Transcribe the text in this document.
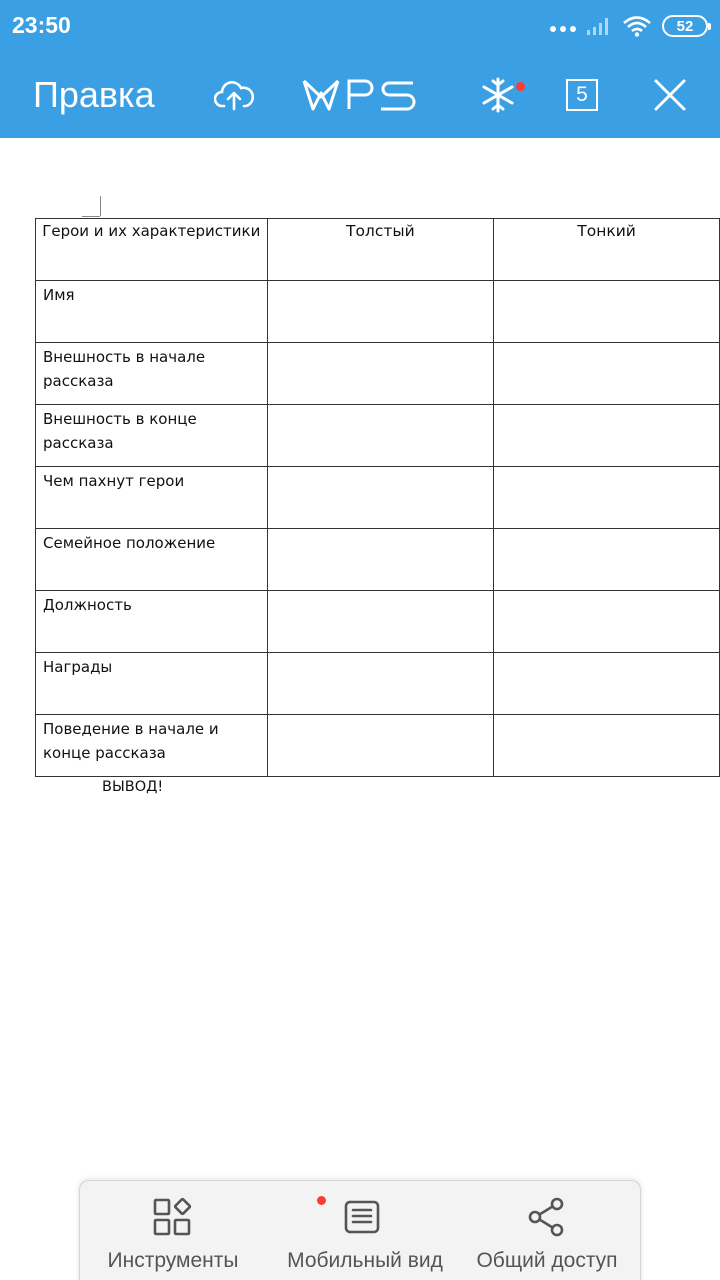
23:50	52
Правка	5
Герои и их характеристики	Толстый	Тонкий
Имя		
Внешность в начале рассказа		
Внешность в конце рассказа		
Чем пахнут герои		
Семейное положение		
Должность		
Награды		
Поведение в начале и конце рассказа		
ВЫВОД!
Инструменты Мобильный вид Общий доступ
